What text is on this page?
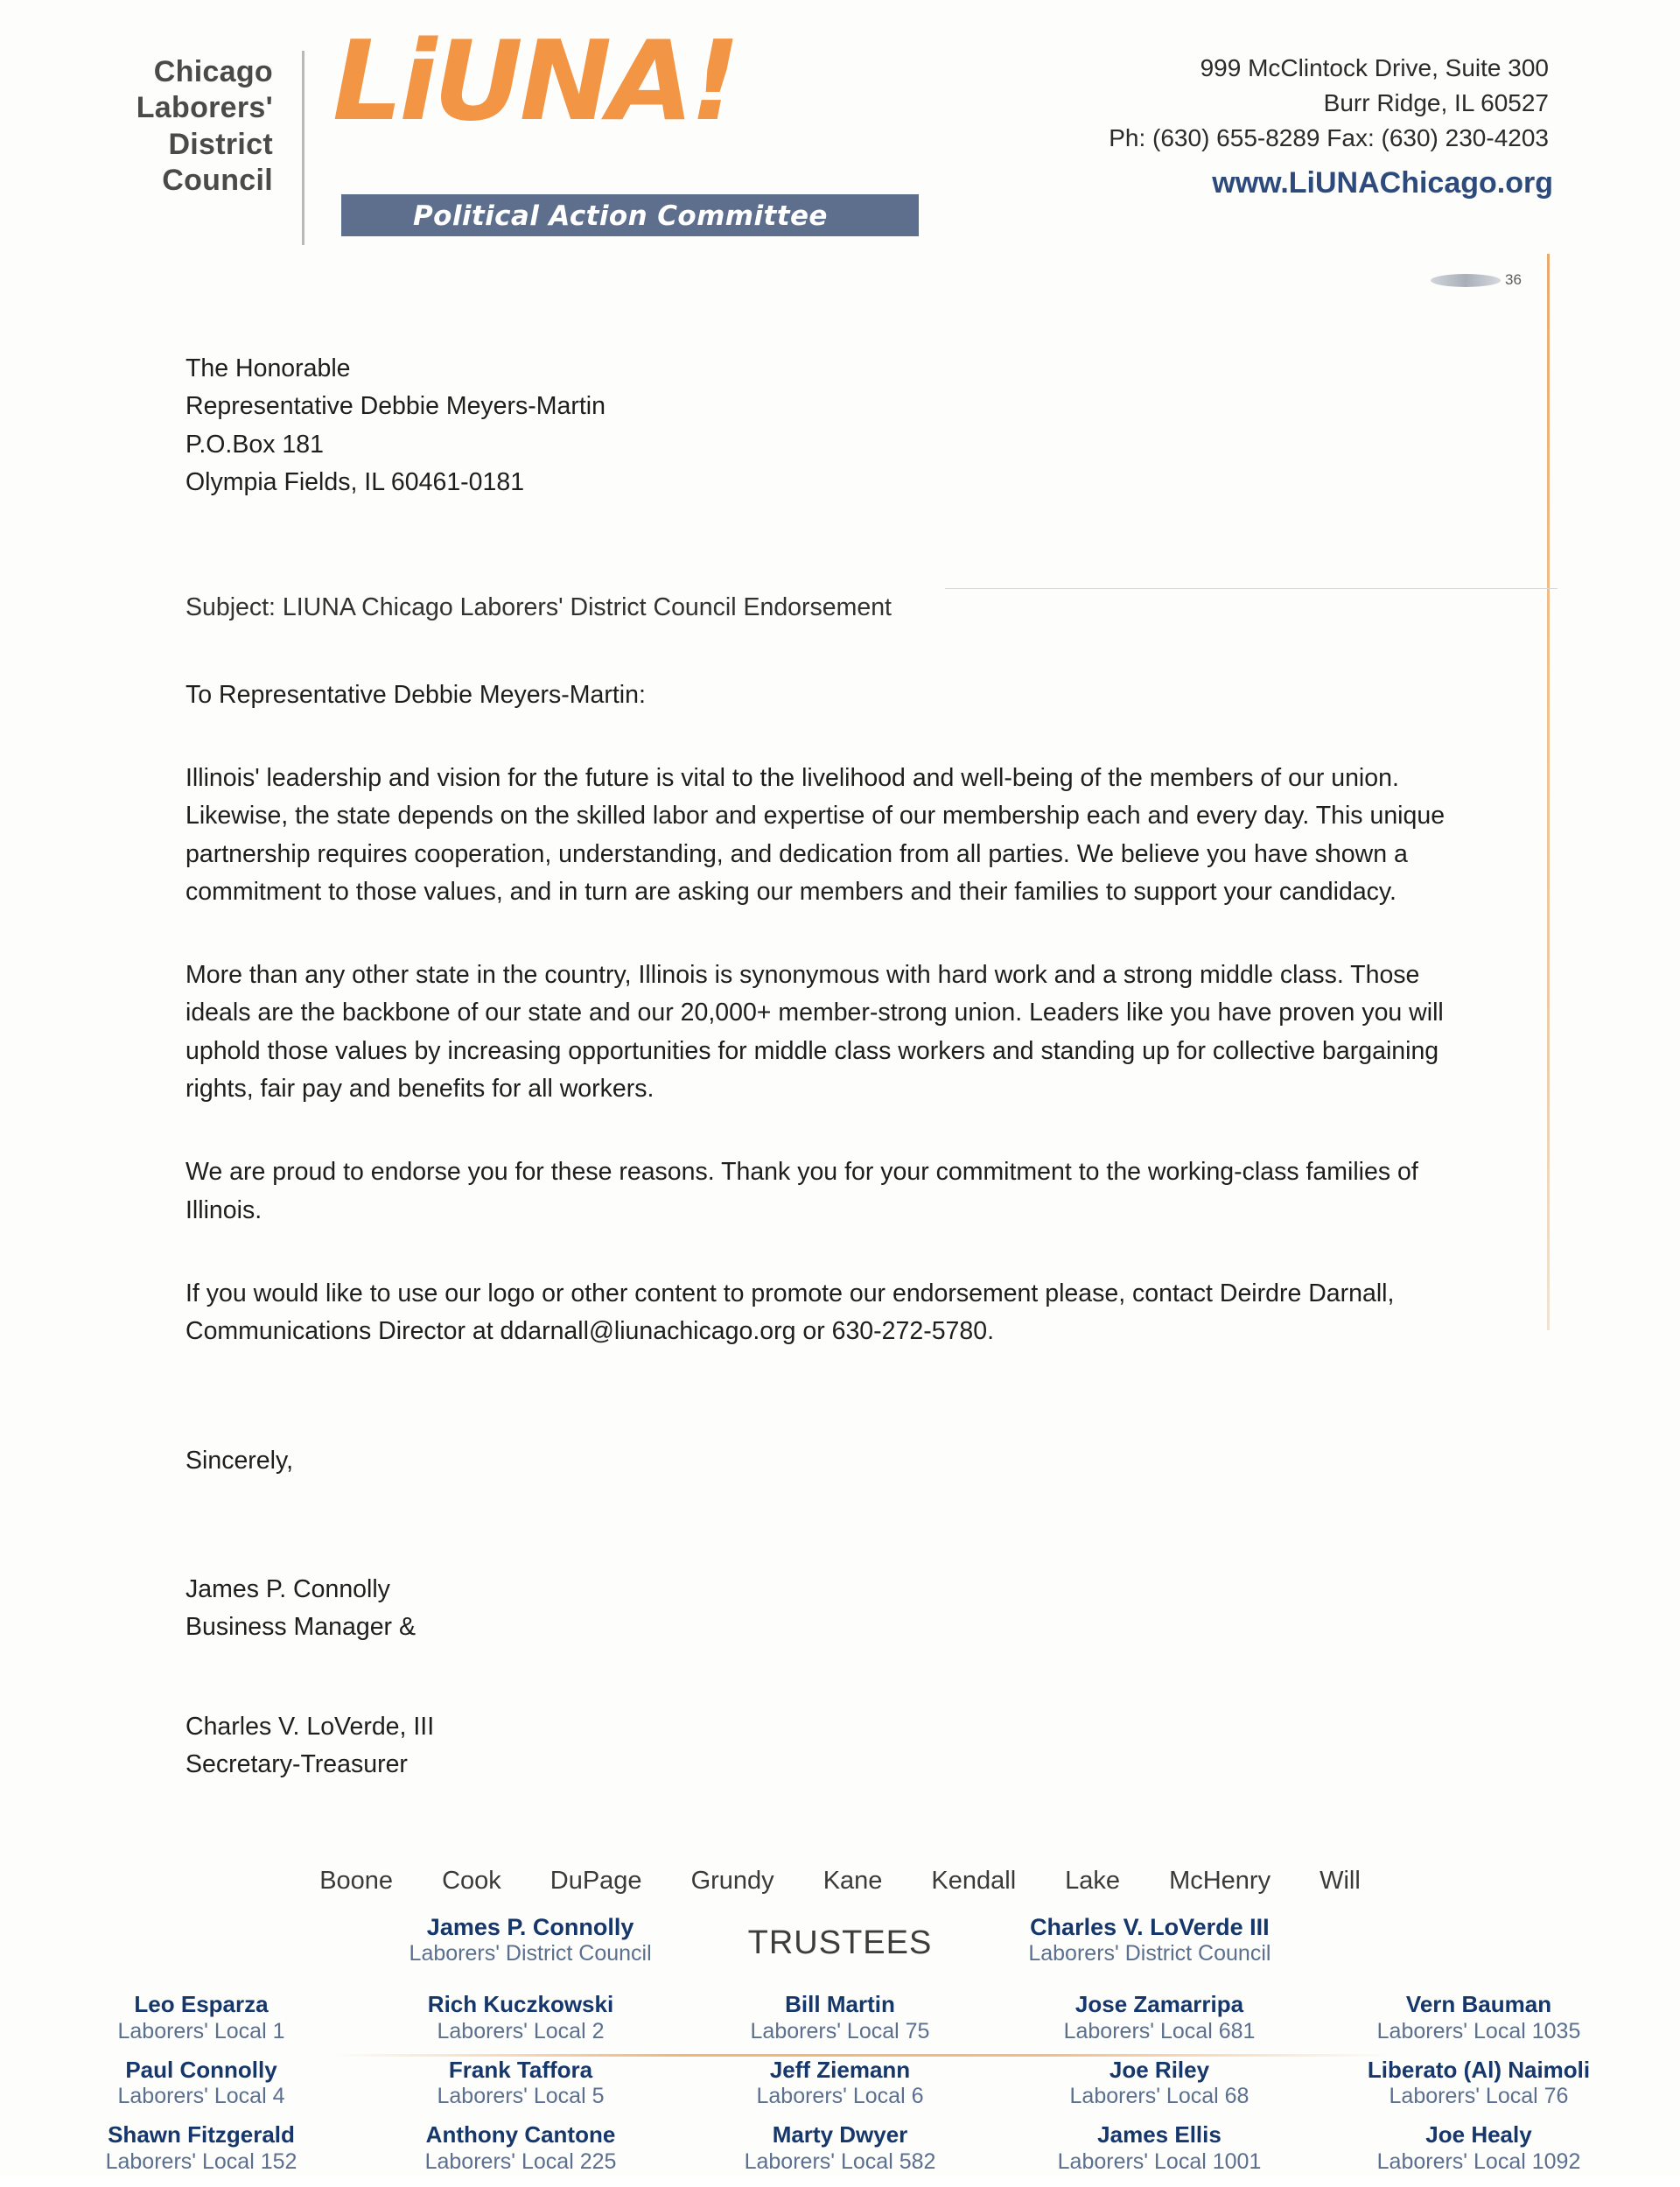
Chicago
Laborers'
District
Council
LiUNA!
Political Action Committee
999 McClintock Drive, Suite 300
Burr Ridge, IL 60527
Ph: (630) 655-8289 Fax: (630) 230-4203
www.LiUNAChicago.org
36
The Honorable
Representative Debbie Meyers-Martin
P.O.Box 181
Olympia Fields, IL 60461-0181
Subject: LIUNA Chicago Laborers' District Council Endorsement
To Representative Debbie Meyers-Martin:
Illinois' leadership and vision for the future is vital to the livelihood and well-being of the members of our union. Likewise, the state depends on the skilled labor and expertise of our membership each and every day. This unique partnership requires cooperation, understanding, and dedication from all parties. We believe you have shown a commitment to those values, and in turn are asking our members and their families to support your candidacy.
More than any other state in the country, Illinois is synonymous with hard work and a strong middle class. Those ideals are the backbone of our state and our 20,000+ member-strong union. Leaders like you have proven you will uphold those values by increasing opportunities for middle class workers and standing up for collective bargaining rights, fair pay and benefits for all workers.
We are proud to endorse you for these reasons. Thank you for your commitment to the working-class families of Illinois.
If you would like to use our logo or other content to promote our endorsement please, contact Deirdre Darnall, Communications Director at ddarnall@liunachicago.org or 630-272-5780.
Sincerely,
James P. Connolly
Business Manager &
Charles V. LoVerde, III
Secretary-Treasurer
Boone Cook DuPage Grundy Kane Kendall Lake McHenry Will
James P. Connolly
Laborers' District Council	TRUSTEES	Charles V. LoVerde III
Laborers' District Council
Leo Esparza
Laborers' Local 1
Rich Kuczkowski
Laborers' Local 2
Bill Martin
Laborers' Local 75
Jose Zamarripa
Laborers' Local 681
Vern Bauman
Laborers' Local 1035
Paul Connolly
Laborers' Local 4
Frank Taffora
Laborers' Local 5
Jeff Ziemann
Laborers' Local 6
Joe Riley
Laborers' Local 68
Liberato (Al) Naimoli
Laborers' Local 76
Shawn Fitzgerald
Laborers' Local 152
Anthony Cantone
Laborers' Local 225
Marty Dwyer
Laborers' Local 582
James Ellis
Laborers' Local 1001
Joe Healy
Laborers' Local 1092
